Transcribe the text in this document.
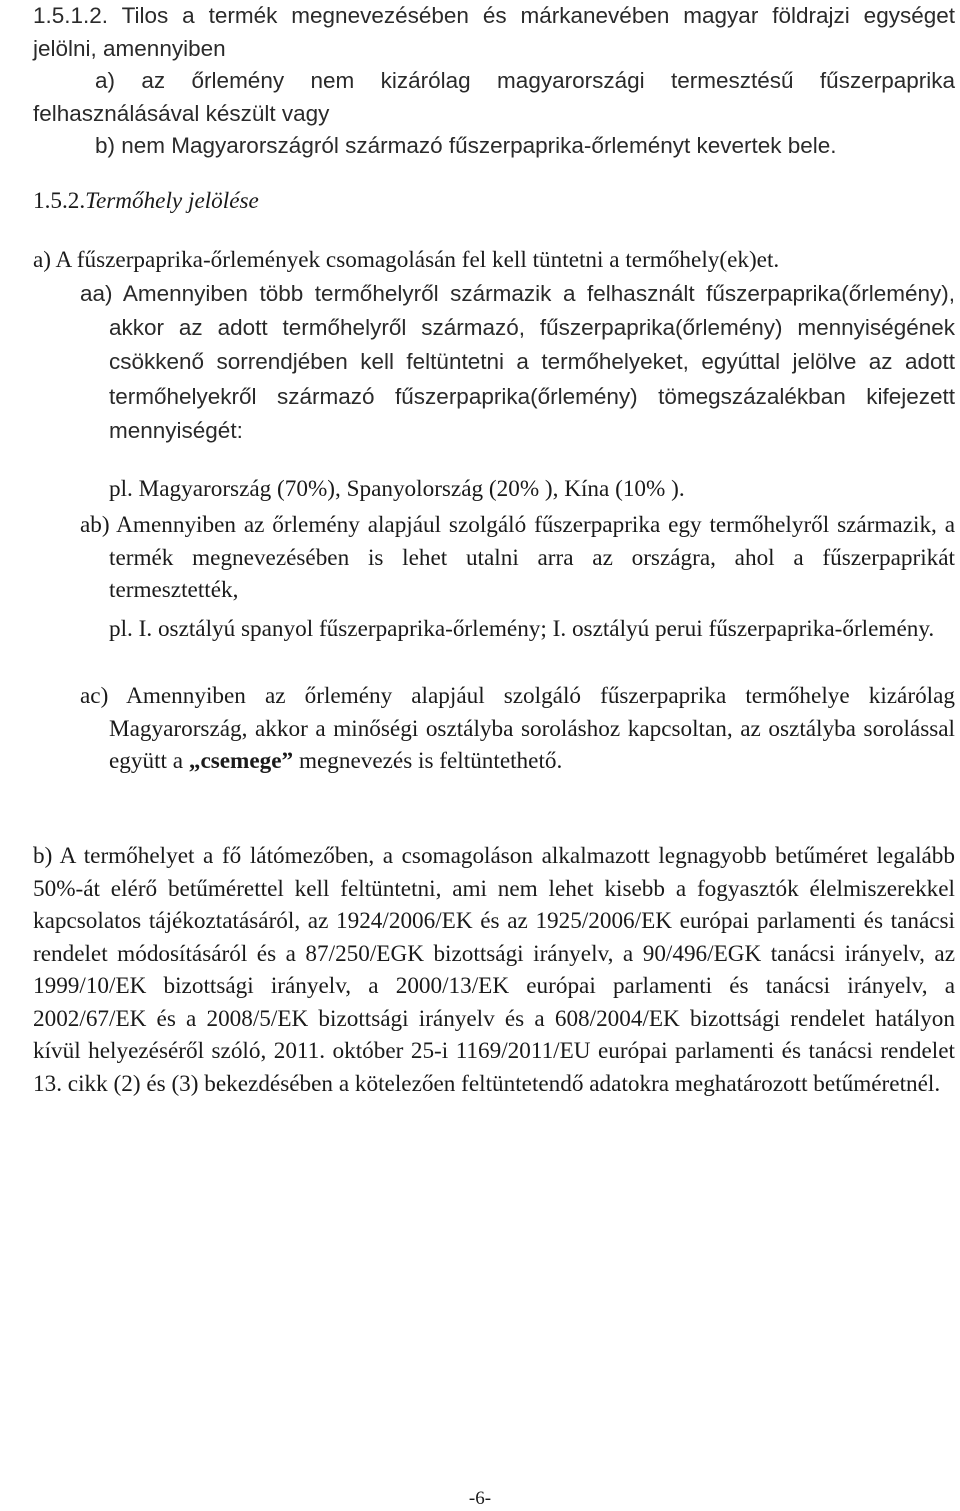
1.5.1.2. Tilos a termék megnevezésében és márkanevében magyar földrajzi egységet jelölni, amennyiben

a) az őrlemény nem kizárólag magyarországi termesztésű fűszerpaprika felhasználásával készült vagy

b) nem Magyarországról származó fűszerpaprika-őrleményt kevertek bele.

1.5.2.Termőhely jelölése

a) A fűszerpaprika-őrlemények csomagolásán fel kell tüntetni a termőhely(ek)et.

aa) Amennyiben több termőhelyről származik a felhasznált fűszerpaprika(őrlemény), akkor az adott termőhelyről származó, fűszerpaprika(őrlemény) mennyiségének csökkenő sorrendjében kell feltüntetni a termőhelyeket, egyúttal jelölve az adott termőhelyekről származó fűszerpaprika(őrlemény) tömegszázalékban kifejezett mennyiségét:

pl. Magyarország (70%), Spanyolország (20% ), Kína (10% ).

ab) Amennyiben az őrlemény alapjául szolgáló fűszerpaprika egy termőhelyről származik, a termék megnevezésében is lehet utalni arra az országra, ahol a fűszerpaprikát termesztették,

pl. I. osztályú spanyol fűszerpaprika-őrlemény; I. osztályú perui fűszerpaprika-őrlemény.

ac) Amennyiben az őrlemény alapjául szolgáló fűszerpaprika termőhelye kizárólag Magyarország, akkor a minőségi osztályba soroláshoz kapcsoltan, az osztályba sorolással együtt a „csemege” megnevezés is feltüntethető.

b) A termőhelyet a fő látómezőben, a csomagoláson alkalmazott legnagyobb betűméret legalább 50%-át elérő betűmérettel kell feltüntetni, ami nem lehet kisebb a fogyasztók élelmiszerekkel kapcsolatos tájékoztatásáról, az 1924/2006/EK és az 1925/2006/EK európai parlamenti és tanácsi rendelet módosításáról és a 87/250/EGK bizottsági irányelv, a 90/496/EGK tanácsi irányelv, az 1999/10/EK bizottsági irányelv, a 2000/13/EK európai parlamenti és tanácsi irányelv, a 2002/67/EK és a 2008/5/EK bizottsági irányelv és a 608/2004/EK bizottsági rendelet hatályon kívül helyezéséről szóló, 2011. október 25-i 1169/2011/EU európai parlamenti és tanácsi rendelet 13. cikk (2) és (3) bekezdésében a kötelezően feltüntetendő adatokra meghatározott betűméretnél.

-6-
